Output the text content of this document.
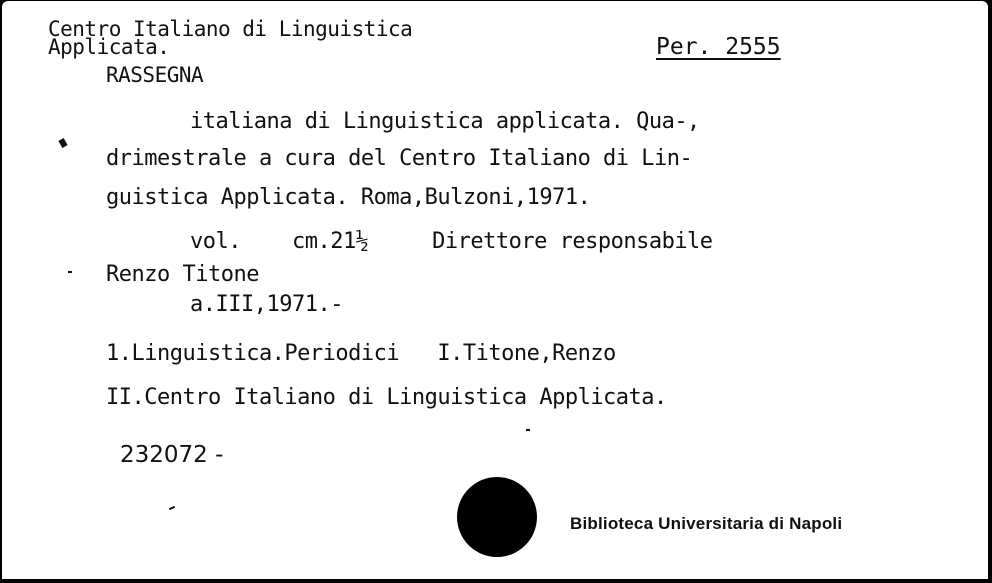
Centro Italiano di Linguistica
Applicata.	Per. 2555
RASSEGNA
italiana di Linguistica applicata. Qua-,
drimestrale a cura del Centro Italiano di Lin-
guistica Applicata. Roma,Bulzoni,1971.
vol.    cm.21½     Direttore responsabile
Renzo Titone
a.III,1971.-
1.Linguistica.Periodici   I.Titone,Renzo
II.Centro Italiano di Linguistica Applicata.
232072 -
Biblioteca Universitaria di Napoli
